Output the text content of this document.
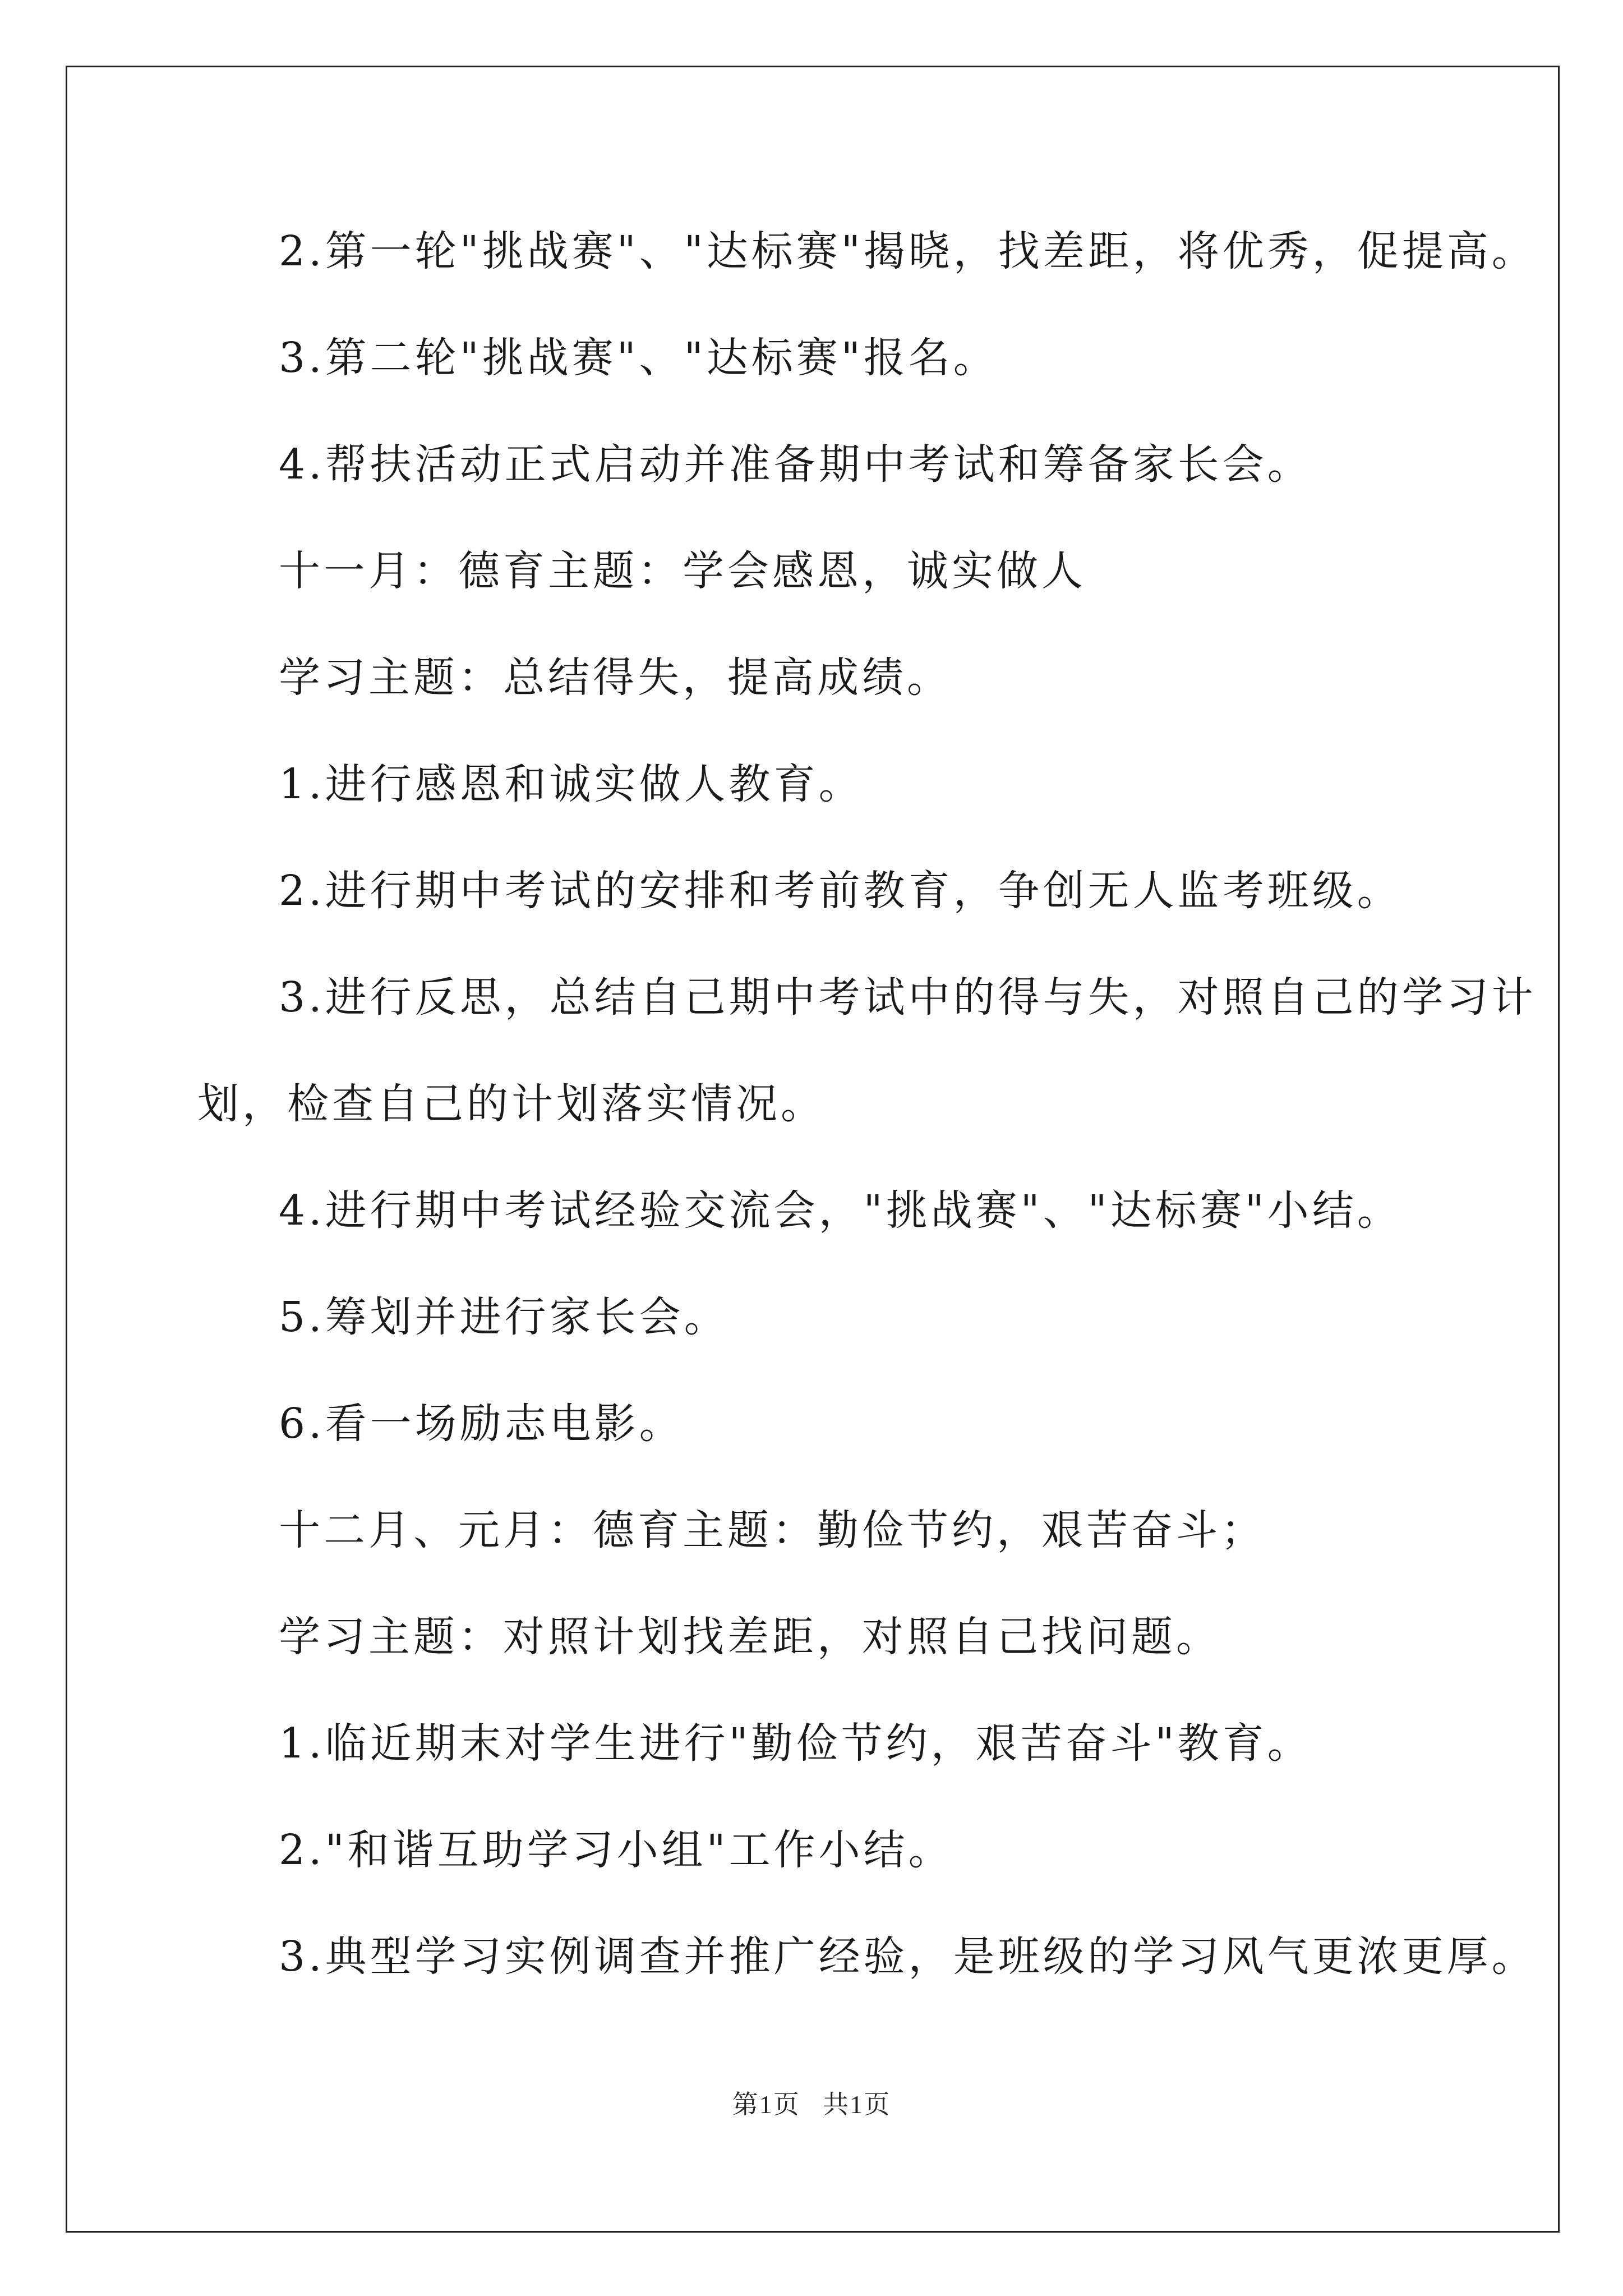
2.第一轮"挑战赛"、"达标赛"揭晓，找差距，将优秀，促提高。
3.第二轮"挑战赛"、"达标赛"报名。
4.帮扶活动正式启动并准备期中考试和筹备家长会。
十一月：德育主题：学会感恩，诚实做人
学习主题：总结得失，提高成绩。
1.进行感恩和诚实做人教育。
2.进行期中考试的安排和考前教育，争创无人监考班级。
3.进行反思，总结自己期中考试中的得与失，对照自己的学习计
划，检查自己的计划落实情况。
4.进行期中考试经验交流会，"挑战赛"、"达标赛"小结。
5.筹划并进行家长会。
6.看一场励志电影。
十二月、元月：德育主题：勤俭节约，艰苦奋斗；
学习主题：对照计划找差距，对照自己找问题。
1.临近期末对学生进行"勤俭节约，艰苦奋斗"教育。
2."和谐互助学习小组"工作小结。
3.典型学习实例调查并推广经验，是班级的学习风气更浓更厚。
第1页   共1页
